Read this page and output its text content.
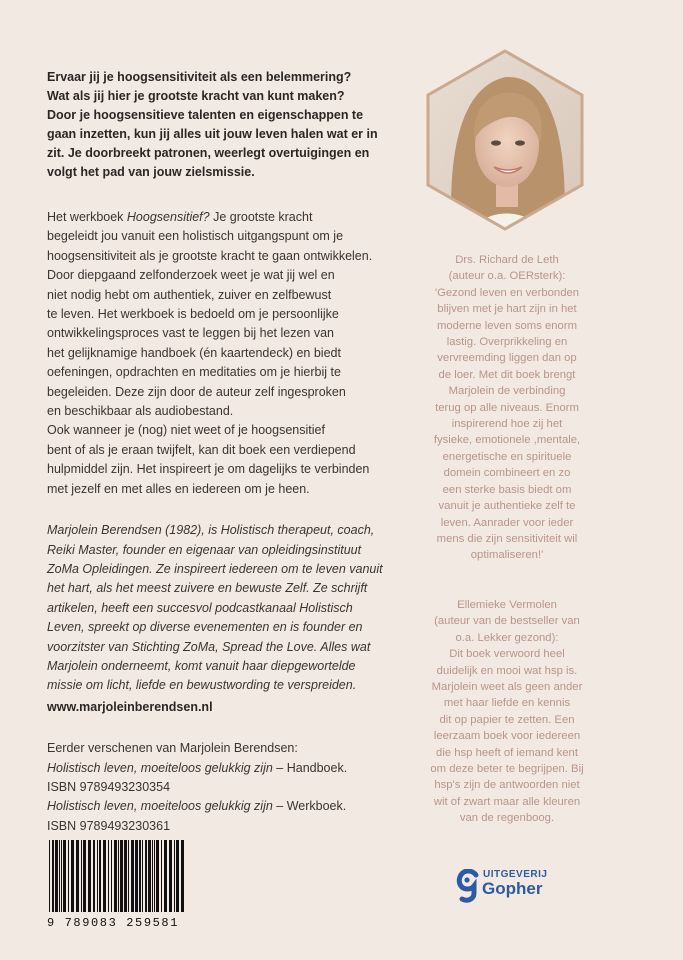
Ervaar jij je hoogsensitiviteit als een belemmering?
Wat als jij hier je grootste kracht van kunt maken?
Door je hoogsensitieve talenten en eigenschappen te
gaan inzetten, kun jij alles uit jouw leven halen wat er in
zit. Je doorbreekt patronen, weerlegt overtuigingen en
volgt het pad van jouw zielsmissie.
Het werkboek Hoogsensitief? Je grootste kracht
begeleidt jou vanuit een holistisch uitgangspunt om je
hoogsensitiviteit als je grootste kracht te gaan ontwikkelen.
Door diepgaand zelfonderzoek weet je wat jij wel en
niet nodig hebt om authentiek, zuiver en zelfbewust
te leven. Het werkboek is bedoeld om je persoonlijke
ontwikkelingsproces vast te leggen bij het lezen van
het gelijknamige handboek (én kaartendeck) en biedt
oefeningen, opdrachten en meditaties om je hierbij te
begeleiden. Deze zijn door de auteur zelf ingesproken
en beschikbaar als audiobestand.
Ook wanneer je (nog) niet weet of je hoogsensitief
bent of als je eraan twijfelt, kan dit boek een verdiepend
hulpmiddel zijn. Het inspireert je om dagelijks te verbinden
met jezelf en met alles en iedereen om je heen.
Marjolein Berendsen (1982), is Holistisch therapeut, coach,
Reiki Master, founder en eigenaar van opleidingsinstituut
ZoMa Opleidingen. Ze inspireert iedereen om te leven vanuit
het hart, als het meest zuivere en bewuste Zelf. Ze schrijft
artikelen, heeft een succesvol podcastkanaal Holistisch
Leven, spreekt op diverse evenementen en is founder en
voorzitster van Stichting ZoMa, Spread the Love. Alles wat
Marjolein onderneemt, komt vanuit haar diepgewortelde
missie om licht, liefde en bewustwording te verspreiden.
www.marjoleinberendsen.nl
Eerder verschenen van Marjolein Berendsen:
Holistisch leven, moeiteloos gelukkig zijn – Handboek.
ISBN 9789493230354
Holistisch leven, moeiteloos gelukkig zijn – Werkboek.
ISBN 9789493230361
9 789083 259581
Drs. Richard de Leth
(auteur o.a. OERsterk):
'Gezond leven en verbonden
blijven met je hart zijn in het
moderne leven soms enorm
lastig. Overprikkeling en
vervreemding liggen dan op
de loer. Met dit boek brengt
Marjolein de verbinding
terug op alle niveaus. Enorm
inspirerend hoe zij het
fysieke, emotionele ,mentale,
energetische en spirituele
domein combineert en zo
een sterke basis biedt om
vanuit je authentieke zelf te
leven. Aanrader voor ieder
mens die zijn sensitiviteit wil
optimaliseren!'
Ellemieke Vermolen
(auteur van de bestseller van
o.a. Lekker gezond):
Dit boek verwoord heel
duidelijk en mooi wat hsp is.
Marjolein weet als geen ander
met haar liefde en kennis
dit op papier te zetten. Een
leerzaam boek voor iedereen
die hsp heeft of iemand kent
om deze beter te begrijpen. Bij
hsp's zijn de antwoorden niet
wit of zwart maar alle kleuren
van de regenboog.
UITGEVERIJ
Gopher
